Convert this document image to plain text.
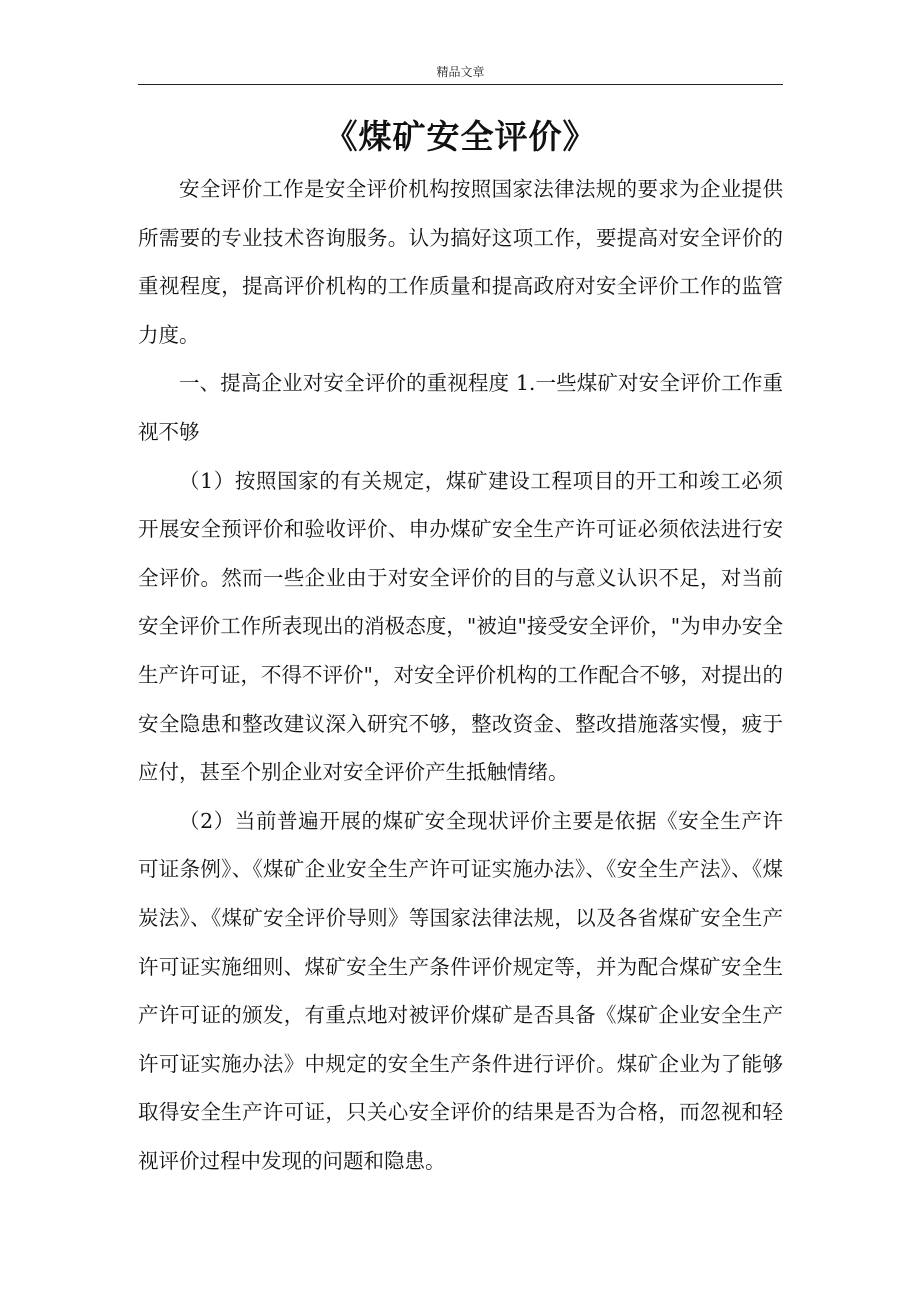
精品文章
《煤矿安全评价》

安全评价工作是安全评价机构按照国家法律法规的要求为企业提供所需要的专业技术咨询服务。认为搞好这项工作，要提高对安全评价的重视程度，提高评价机构的工作质量和提高政府对安全评价工作的监管力度。

一、提高企业对安全评价的重视程度 1.一些煤矿对安全评价工作重视不够

（1）按照国家的有关规定，煤矿建设工程项目的开工和竣工必须开展安全预评价和验收评价、申办煤矿安全生产许可证必须依法进行安全评价。然而一些企业由于对安全评价的目的与意义认识不足，对当前安全评价工作所表现出的消极态度，"被迫"接受安全评价，"为申办安全生产许可证，不得不评价"，对安全评价机构的工作配合不够，对提出的安全隐患和整改建议深入研究不够，整改资金、整改措施落实慢，疲于应付，甚至个别企业对安全评价产生抵触情绪。

（2）当前普遍开展的煤矿安全现状评价主要是依据《安全生产许可证条例》、《煤矿企业安全生产许可证实施办法》、《安全生产法》、《煤炭法》、《煤矿安全评价导则》等国家法律法规，以及各省煤矿安全生产许可证实施细则、煤矿安全生产条件评价规定等，并为配合煤矿安全生产许可证的颁发，有重点地对被评价煤矿是否具备《煤矿企业安全生产许可证实施办法》中规定的安全生产条件进行评价。煤矿企业为了能够取得安全生产许可证，只关心安全评价的结果是否为合格，而忽视和轻视评价过程中发现的问题和隐患。
